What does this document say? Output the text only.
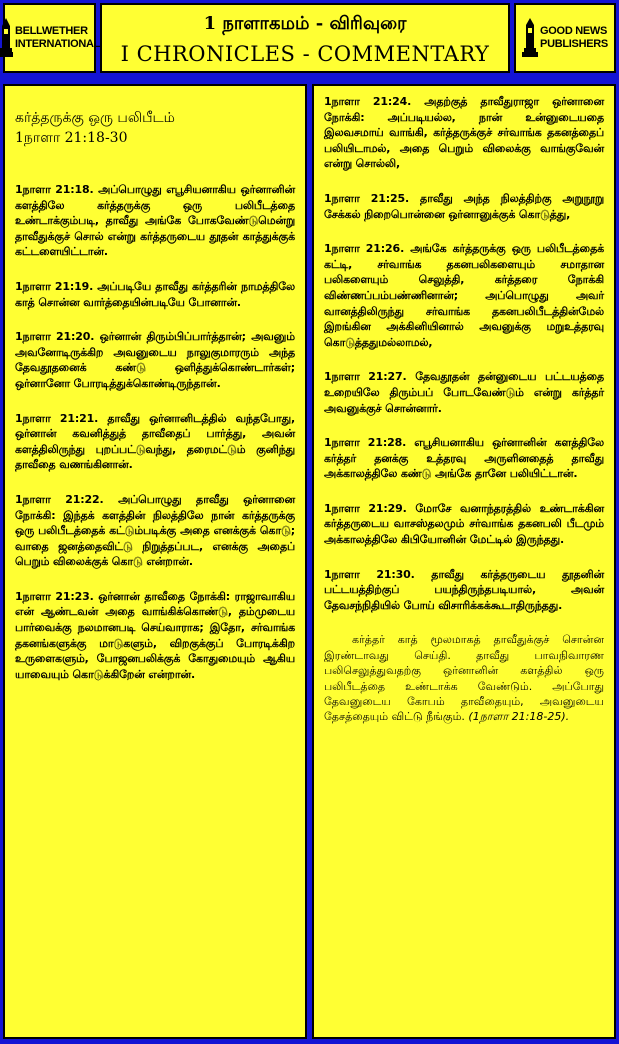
BELLWETHER
INTERNATIONAL
1 நாளாகமம் - விரிவுரை
I CHRONICLES - COMMENTARY
GOOD NEWS
PUBLISHERS
கர்த்தருக்கு ஒரு பலிபீடம்
1நாளா 21:18-30

1நாளா 21:18. அப்பொழுது எபூசியனாகிய ஒர்னானின் களத்திலே கர்த்தருக்கு ஒரு பலிபீடத்தை உண்டாக்கும்படி, தாவீது அங்கே போகவேண்டுமென்று தாவீதுக்குச் சொல் என்று கர்த்தருடைய தூதன் காத்துக்குக் கட்டளையிட்டான்.

1நாளா 21:19. அப்படியே தாவீது கர்த்தரின் நாமத்திலே காத் சொன்ன வார்த்தையின்படியே போனான்.

1நாளா 21:20. ஒர்னான் திரும்பிப்பார்த்தான்; அவனும் அவனோடிருக்கிற அவனுடைய நாலுகுமாரரும் அந்த தேவதூதனைக் கண்டு ஒளித்துக்கொண்டார்கள்; ஒர்னானோ போரடித்துக்கொண்டிருந்தான்.

1நாளா 21:21. தாவீது ஒர்னானிடத்தில் வந்தபோது, ஒர்னான் கவனித்துத் தாவீதைப் பார்த்து, அவன் களத்திலிருந்து புறப்பட்டுவந்து, தரைமட்டும் குனிந்து தாவீதை வணங்கினான்.

1நாளா 21:22. அப்பொழுது தாவீது ஒர்னானை நோக்கி: இந்தக் களத்தின் நிலத்திலே நான் கர்த்தருக்கு ஒரு பலிபீடத்தைக் கட்டும்படிக்கு அதை எனக்குக் கொடு; வாதை ஜனத்தைவிட்டு நிறுத்தப்பட, எனக்கு அதைப் பெறும் விலைக்குக் கொடு என்றான்.

1நாளா 21:23. ஒர்னான் தாவீதை நோக்கி: ராஜாவாகிய என் ஆண்டவன் அதை வாங்கிக்கொண்டு, தம்முடைய பார்வைக்கு நலமானபடி செய்வாராக; இதோ, சர்வாங்க தகனங்களுக்கு மாடுகளும், விறகுக்குப் போரடிக்கிற உருளைகளும், போஜனபலிக்குக் கோதுமையும் ஆகிய யாவையும் கொடுக்கிறேன் என்றான்.

1நாளா 21:24. அதற்குத் தாவீதுராஜா ஒர்னானை நோக்கி: அப்படியல்ல, நான் உன்னுடையதை இலவசமாய் வாங்கி, கர்த்தருக்குச் சர்வாங்க தகனத்தைப் பலியிடாமல், அதை பெறும் விலைக்கு வாங்குவேன் என்று சொல்லி,

1நாளா 21:25. தாவீது அந்த நிலத்திற்கு அறுநூறு சேக்கல் நிறைபொன்னை ஒர்னானுக்குக் கொடுத்து,

1நாளா 21:26. அங்கே கர்த்தருக்கு ஒரு பலிபீடத்தைக் கட்டி, சர்வாங்க தகனபலிகளையும் சமாதான பலிகளையும் செலுத்தி, கர்த்தரை நோக்கி விண்ணப்பம்பண்ணினான்; அப்பொழுது அவர் வானத்திலிருந்து சர்வாங்க தகனபலிபீடத்தின்மேல் இறங்கின அக்கினியினால் அவனுக்கு மறுஉத்தரவு கொடுத்ததுமல்லாமல்,

1நாளா 21:27. தேவதூதன் தன்னுடைய பட்டயத்தை உறையிலே திரும்பப் போடவேண்டும் என்று கர்த்தர் அவனுக்குச் சொன்னார்.

1நாளா 21:28. எபூசியனாகிய ஒர்னானின் களத்திலே கர்த்தர் தனக்கு உத்தரவு அருளினதைத் தாவீது அக்காலத்திலே கண்டு அங்கே தானே பலியிட்டான்.

1நாளா 21:29. மோசே வனாந்தரத்தில் உண்டாக்கின கர்த்தருடைய வாசஸ்தலமும் சர்வாங்க தகனபலி பீடமும் அக்காலத்திலே கிபியோனின் மேட்டில் இருந்தது.

1நாளா 21:30. தாவீது கர்த்தருடைய தூதனின் பட்டயத்திற்குப் பயந்திருந்தபடியால், அவன் தேவசந்நிதியில் போய் விசாரிக்கக்கூடாதிருந்தது.

கர்த்தர் காத் மூலமாகத் தாவீதுக்குச் சொன்ன இரண்டாவது செய்தி. தாவீது பாவநிவாரண பலிசெலுத்துவதற்கு ஒர்னானின் களத்தில் ஒரு பலிபீடத்தை உண்டாக்க வேண்டும். அப்போது தேவனுடைய கோபம் தாவீதையும், அவனுடைய தேசத்தையும் விட்டு நீங்கும். (1நாளா 21:18-25).
